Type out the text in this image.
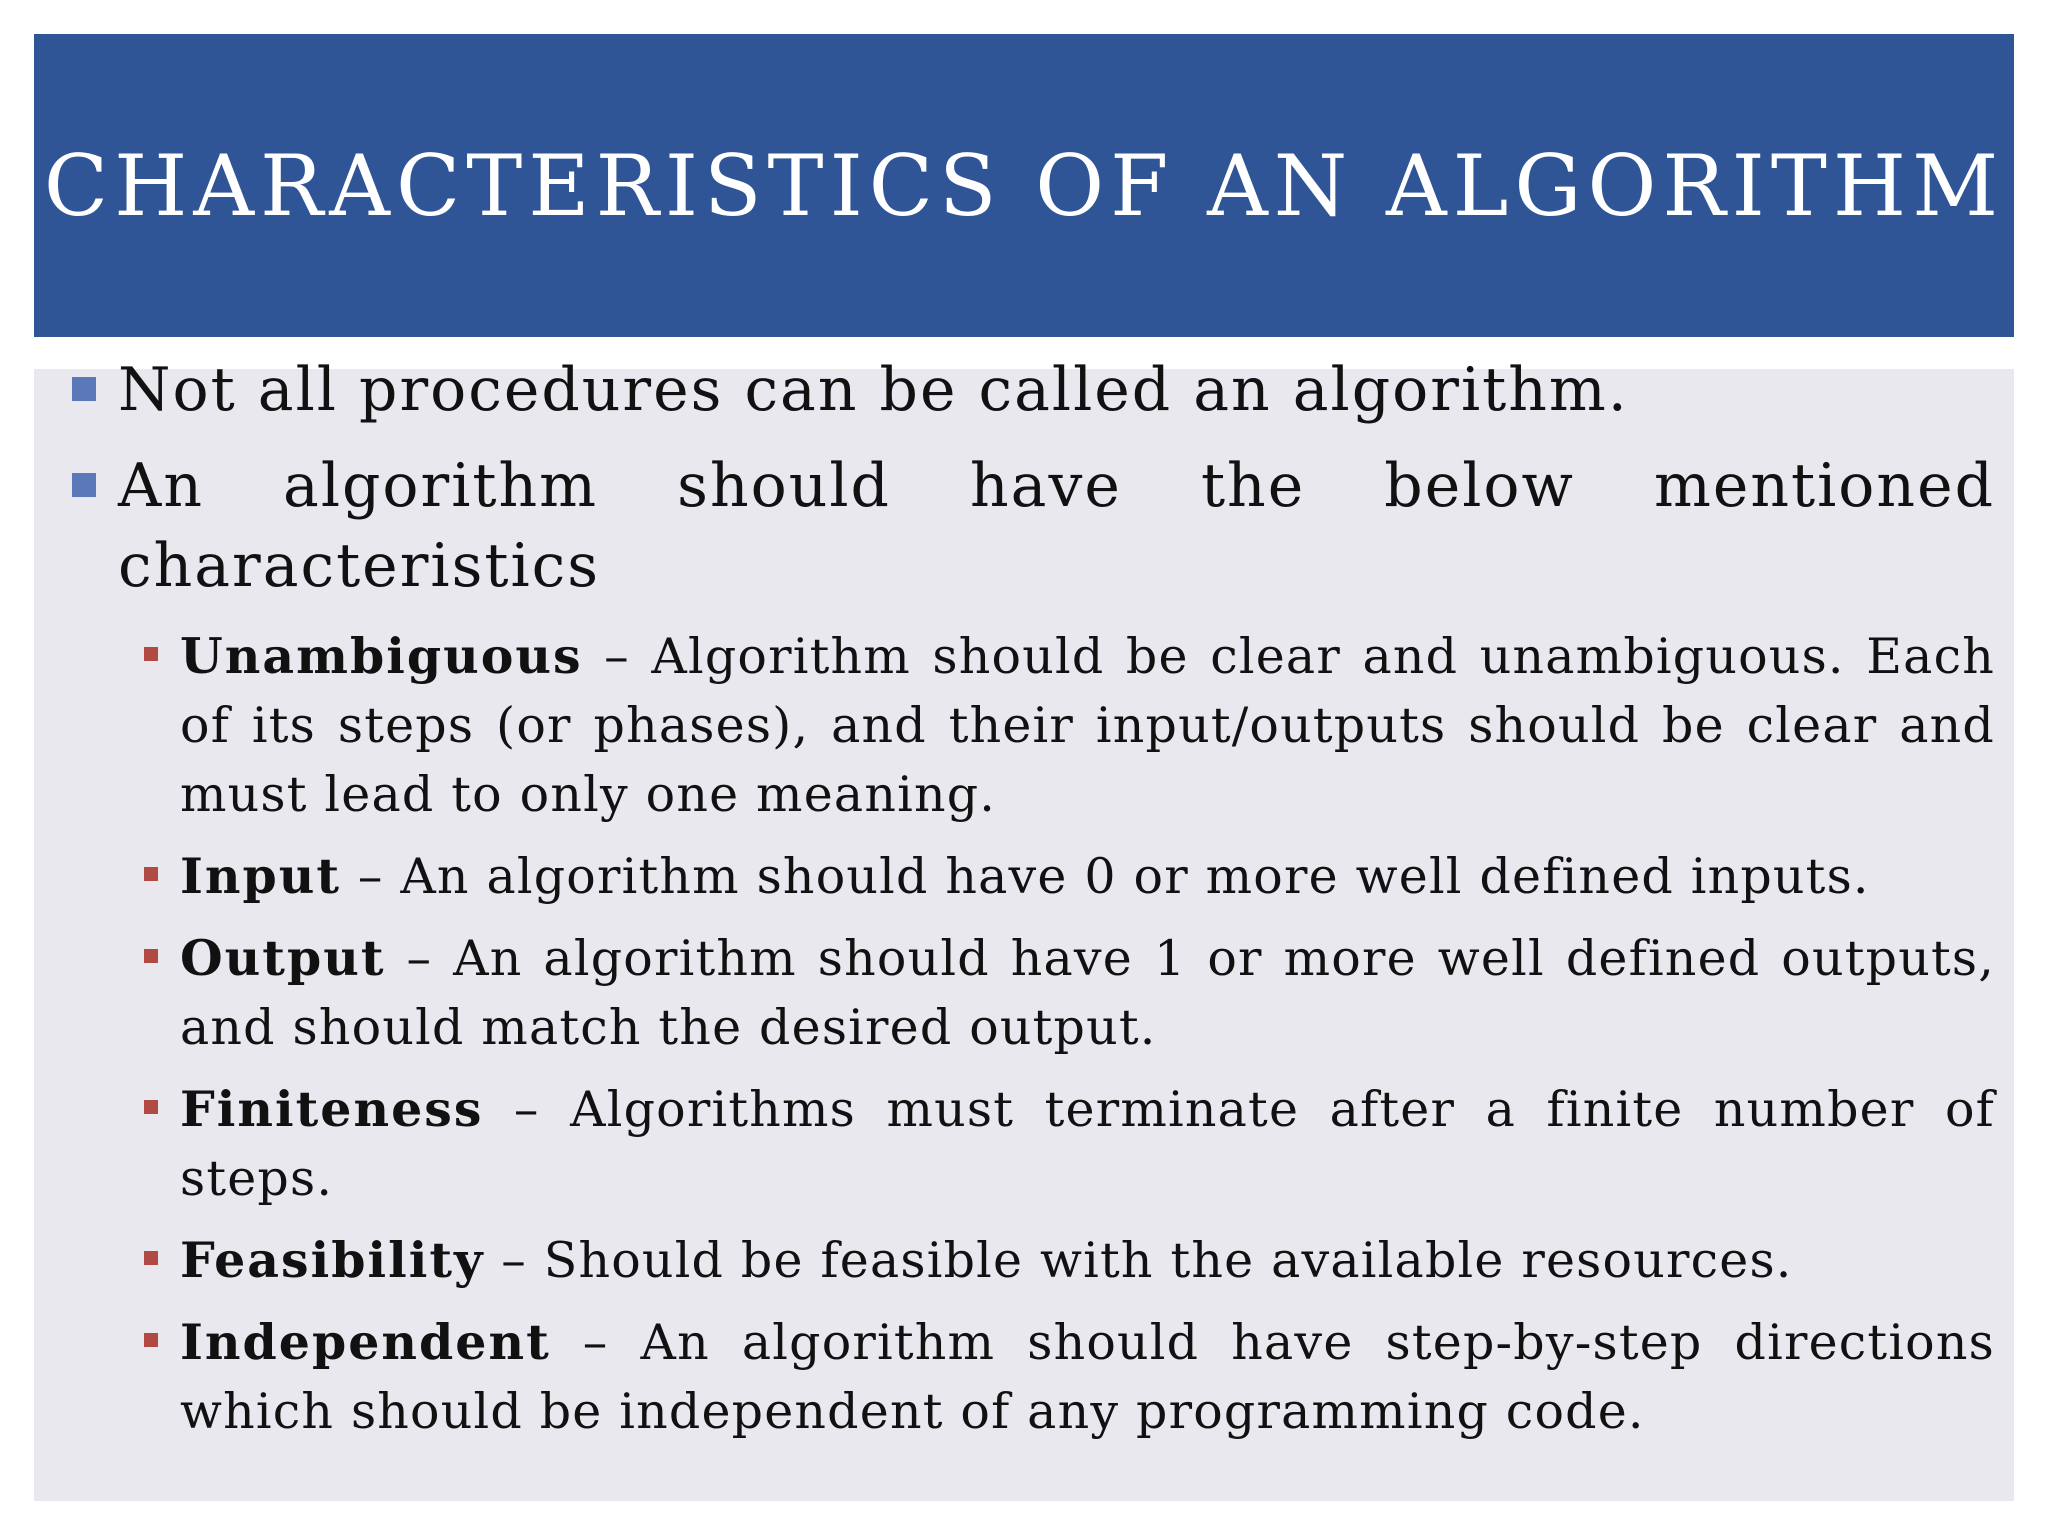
CHARACTERISTICS OF AN ALGORITHM
Not all procedures can be called an algorithm.
An algorithm should have the below mentioned characteristics
Unambiguous – Algorithm should be clear and unambiguous. Each of its steps (or phases), and their input/outputs should be clear and must lead to only one meaning.
Input – An algorithm should have 0 or more well defined inputs.
Output – An algorithm should have 1 or more well defined outputs, and should match the desired output.
Finiteness – Algorithms must terminate after a finite number of steps.
Feasibility – Should be feasible with the available resources.
Independent – An algorithm should have step-by-step directions which should be independent of any programming code.
